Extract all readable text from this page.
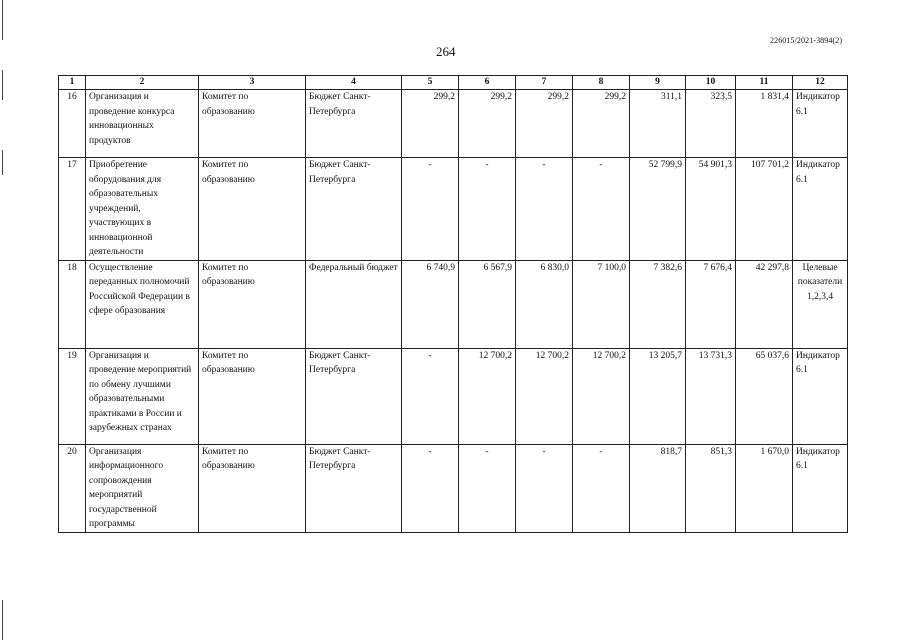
264
226015/2021-3894(2)
1	2	3	4	5	6	7	8	9	10	11	12
16	Организация и проведение конкурса инновационных продуктов	Комитет по образованию	Бюджет Санкт-Петербурга	299,2	299,2	299,2	299,2	311,1	323,5	1 831,4	Индикатор 6.1
17	Приобретение оборудования для образовательных учреждений, участвующих в инновационной деятельности	Комитет по образованию	Бюджет Санкт-Петербурга	-	-	-	-	52 799,9	54 901,3	107 701,2	Индикатор 6.1
18	Осуществление переданных полномочий Российской Федерации в сфере образования	Комитет по образованию	Федеральный бюджет	6 740,9	6 567,9	6 830,0	7 100,0	7 382,6	7 676,4	42 297,8	Целевые показатели 1,2,3,4
19	Организация и проведение мероприятий по обмену лучшими образовательными практиками в России и зарубежных странах	Комитет по образованию	Бюджет Санкт-Петербурга	-	12 700,2	12 700,2	12 700,2	13 205,7	13 731,3	65 037,6	Индикатор 6.1
20	Организация информационного сопровождения мероприятий государственной программы	Комитет по образованию	Бюджет Санкт-Петербурга	-	-	-	-	818,7	851,3	1 670,0	Индикатор 6.1
